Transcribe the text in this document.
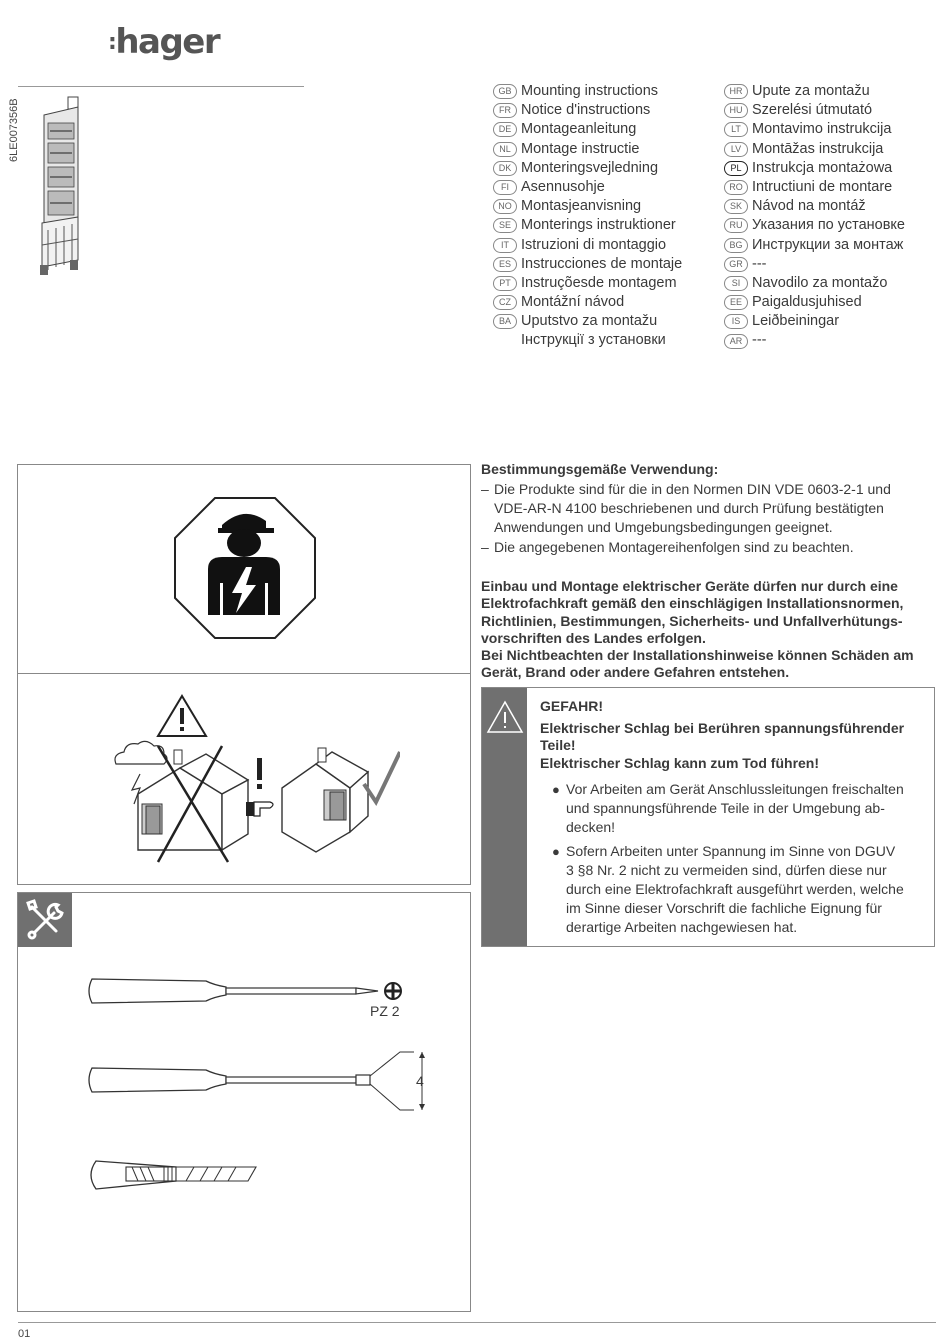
:hager
6LE007356B
GB Mounting instructions
FR Notice d'instructions
DE Montageanleitung
NL Montage instructie
DK Monteringsvejledning
FI Asennusohje
NO Montasjeanvisning
SE Monterings instruktioner
IT Istruzioni di montaggio
ES Instrucciones de montaje
PT Instruçõesde montagem
CZ Montážní návod
BA Uputstvo za montažu
Інструкції з установки
HR Upute za montažu
HU Szerelési útmutató
LT Montavimo instrukcija
LV Montāžas instrukcija
PL Instrukcja montażowa
RO Intructiuni de montare
SK Návod na montáž
RU Указания по установке
BG Инструкции за монтаж
GR ---
SI Navodilo za montažo
EE Paigaldusjuhised
IS Leiðbeiningar
AR ---
PZ 2
4
Bestimmungsgemäße Verwendung:
– Die Produkte sind für die in den Normen DIN VDE 0603-2-1 und
VDE-AR-N 4100 beschriebenen und durch Prüfung bestätigten
Anwendungen und Umgebungsbedingungen geeignet.
– Die angegebenen Montagereihenfolgen sind zu beachten.
Einbau und Montage elektrischer Geräte dürfen nur durch eine
Elektrofachkraft gemäß den einschlägigen Installationsnormen,
Richtlinien, Bestimmungen, Sicherheits- und Unfallverhütungs-
vorschriften des Landes erfolgen.
Bei Nichtbeachten der Installationshinweise können Schäden am
Gerät, Brand oder andere Gefahren entstehen.
GEFAHR!
Elektrischer Schlag bei Berühren spannungsführender
Teile!
Elektrischer Schlag kann zum Tod führen!
● Vor Arbeiten am Gerät Anschlussleitungen freischalten
und spannungsführende Teile in der Umgebung ab-
decken!
● Sofern Arbeiten unter Spannung im Sinne von DGUV
3 §8 Nr. 2 nicht zu vermeiden sind, dürfen diese nur
durch eine Elektrofachkraft ausgeführt werden, welche
im Sinne dieser Vorschrift die fachliche Eignung für
derartige Arbeiten nachgewiesen hat.
01
